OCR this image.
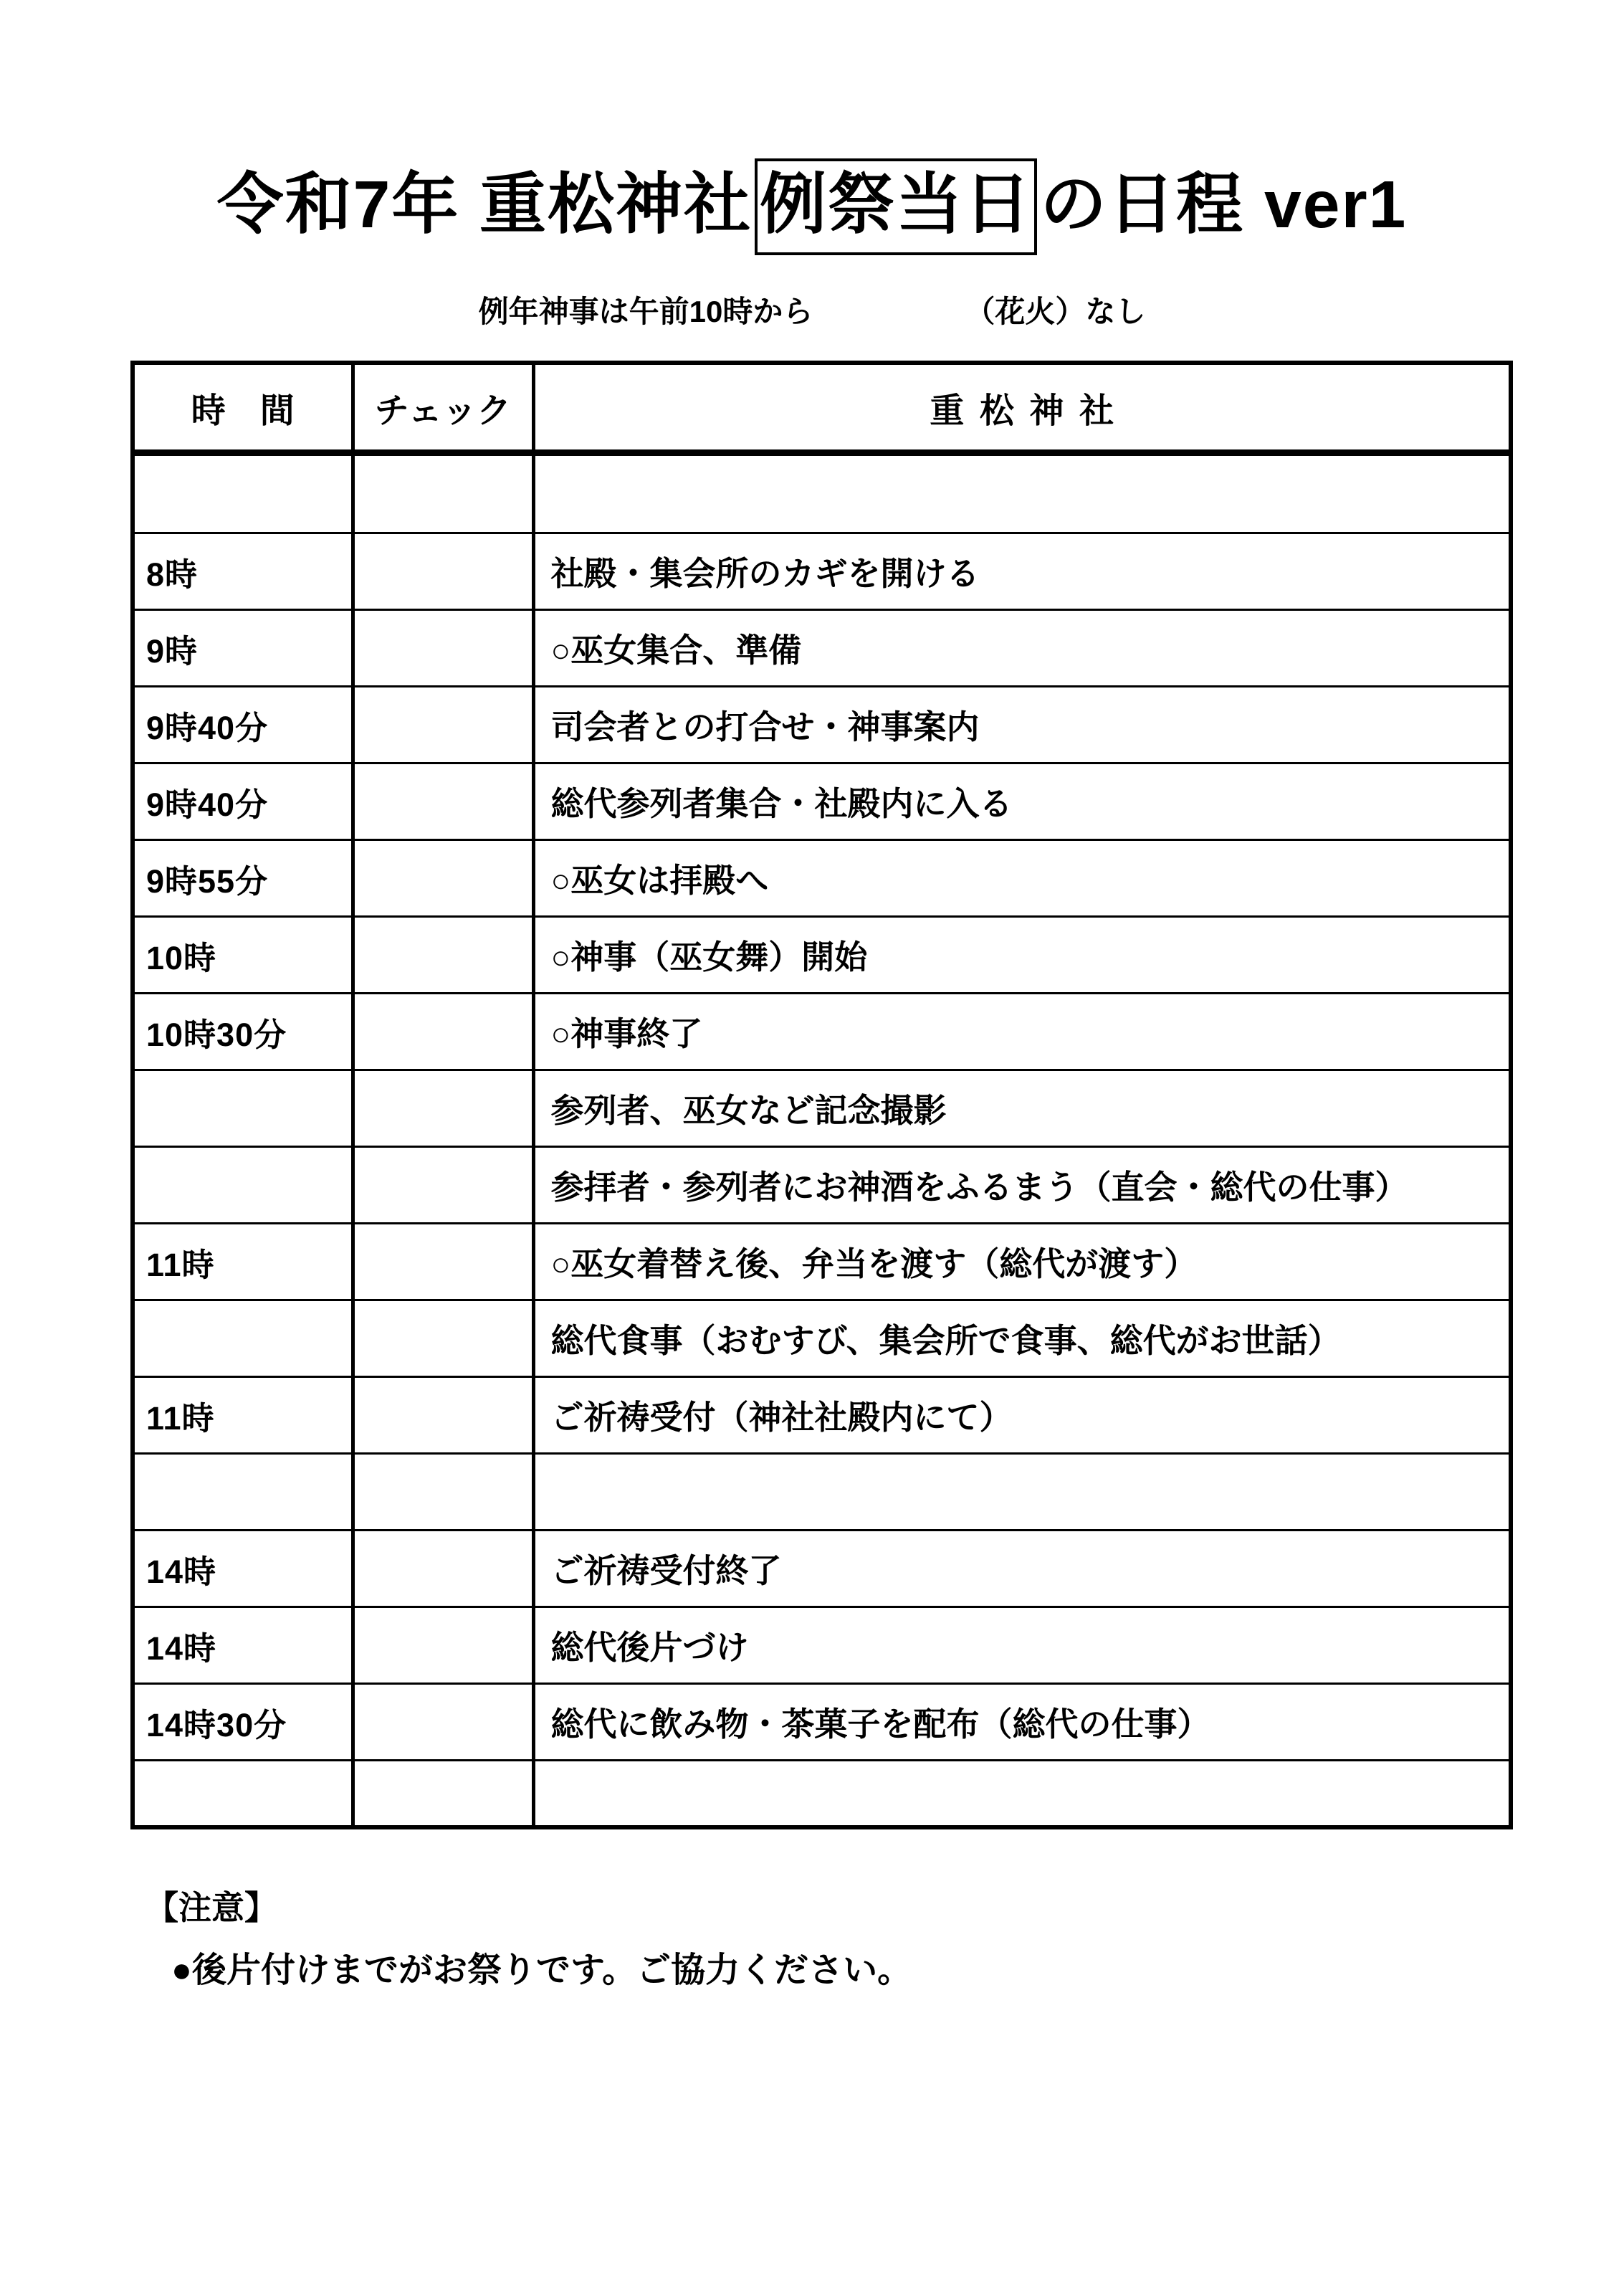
令和7年 重松神社 例祭当日 の日程 ver1
例年神事は午前10時から	（花火）なし
時　間	チェック	重松神社

8時		社殿・集会所のカギを開ける
9時		○巫女集合、準備
9時40分		司会者との打合せ・神事案内
9時40分		総代参列者集合・社殿内に入る
9時55分		○巫女は拝殿へ
10時		○神事（巫女舞）開始
10時30分		○神事終了
		参列者、巫女など記念撮影
		参拝者・参列者にお神酒をふるまう（直会・総代の仕事）
11時		○巫女着替え後、弁当を渡す（総代が渡す）
		総代食事（おむすび、集会所で食事、総代がお世話）
11時		ご祈祷受付（神社社殿内にて）

14時		ご祈祷受付終了
14時		総代後片づけ
14時30分		総代に飲み物・茶菓子を配布（総代の仕事）

【注意】
●後片付けまでがお祭りです。ご協力ください。
